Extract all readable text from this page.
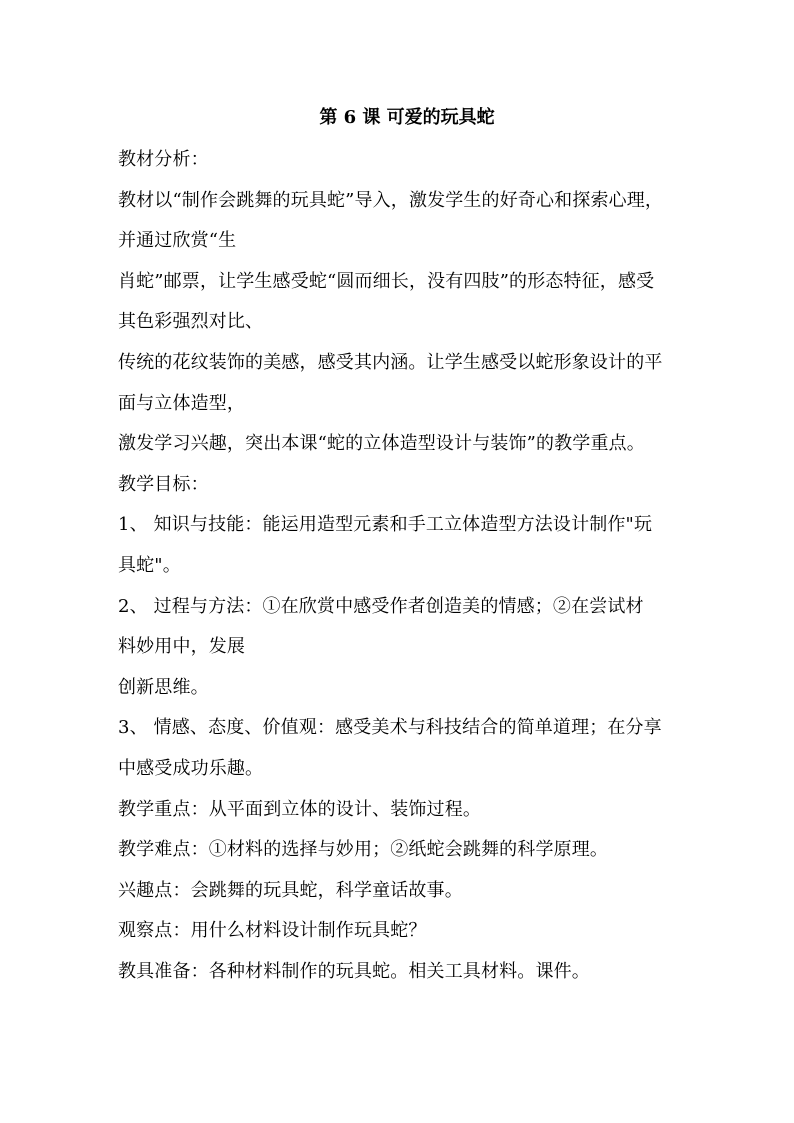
第 6 课 可爱的玩具蛇
教材分析：
教材以“制作会跳舞的玩具蛇”导入，激发学生的好奇心和探索心理，
并通过欣赏“生
肖蛇”邮票，让学生感受蛇“圆而细长，没有四肢”的形态特征，感受
其色彩强烈对比、
传统的花纹装饰的美感，感受其内涵。让学生感受以蛇形象设计的平
面与立体造型，
激发学习兴趣，突出本课“蛇的立体造型设计与装饰”的教学重点。
教学目标：
1、 知识与技能：能运用造型元素和手工立体造型方法设计制作"玩
具蛇"。
2、 过程与方法：①在欣赏中感受作者创造美的情感；②在尝试材
料妙用中，发展
创新思维。
3、 情感、态度、价值观：感受美术与科技结合的简单道理；在分享
中感受成功乐趣。
教学重点：从平面到立体的设计、装饰过程。
教学难点：①材料的选择与妙用；②纸蛇会跳舞的科学原理。
兴趣点：会跳舞的玩具蛇，科学童话故事。
观察点：用什么材料设计制作玩具蛇？
教具准备：各种材料制作的玩具蛇。相关工具材料。课件。
